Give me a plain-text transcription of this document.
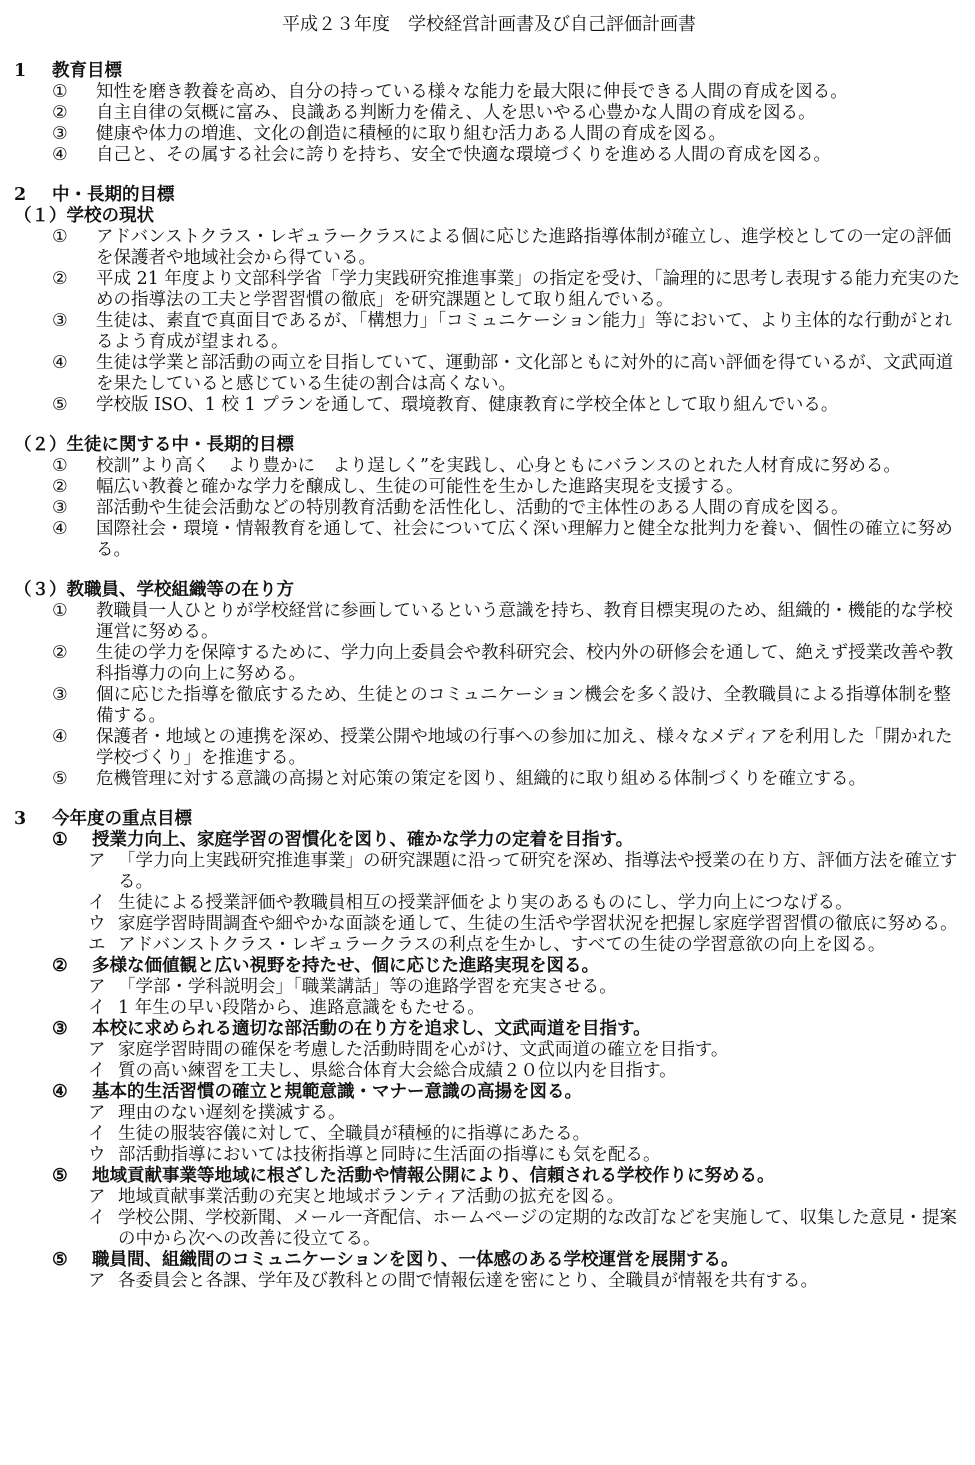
平成２３年度　学校経営計画書及び自己評価計画書
1 教育目標
①	知性を磨き教養を高め、自分の持っている様々な能力を最大限に伸長できる人間の育成を図る。
②	自主自律の気概に富み、良識ある判断力を備え、人を思いやる心豊かな人間の育成を図る。
③	健康や体力の増進、文化の創造に積極的に取り組む活力ある人間の育成を図る。
④	自己と、その属する社会に誇りを持ち、安全で快適な環境づくりを進める人間の育成を図る。
2 中・長期的目標
（１）学校の現状
①	アドバンストクラス・レギュラークラスによる個に応じた進路指導体制が確立し、進学校としての一定の評価を保護者や地域社会から得ている。
②	平成 21 年度より文部科学省「学力実践研究推進事業」の指定を受け、「論理的に思考し表現する能力充実のための指導法の工夫と学習習慣の徹底」を研究課題として取り組んでいる。
③	生徒は、素直で真面目であるが、「構想力」「コミュニケーション能力」等において、より主体的な行動がとれるよう育成が望まれる。
④	生徒は学業と部活動の両立を目指していて、運動部・文化部ともに対外的に高い評価を得ているが、文武両道を果たしていると感じている生徒の割合は高くない。
⑤	学校版 ISO、1 校 1 プランを通して、環境教育、健康教育に学校全体として取り組んでいる。
（２）生徒に関する中・長期的目標
①	校訓”より高く　より豊かに　より逞しく”を実践し、心身ともにバランスのとれた人材育成に努める。
②	幅広い教養と確かな学力を醸成し、生徒の可能性を生かした進路実現を支援する。
③	部活動や生徒会活動などの特別教育活動を活性化し、活動的で主体性のある人間の育成を図る。
④	国際社会・環境・情報教育を通して、社会について広く深い理解力と健全な批判力を養い、個性の確立に努める。
（３）教職員、学校組織等の在り方
①	教職員一人ひとりが学校経営に参画しているという意識を持ち、教育目標実現のため、組織的・機能的な学校運営に努める。
②	生徒の学力を保障するために、学力向上委員会や教科研究会、校内外の研修会を通して、絶えず授業改善や教科指導力の向上に努める。
③	個に応じた指導を徹底するため、生徒とのコミュニケーション機会を多く設け、全教職員による指導体制を整備する。
④	保護者・地域との連携を深め、授業公開や地域の行事への参加に加え、様々なメディアを利用した「開かれた学校づくり」を推進する。
⑤	危機管理に対する意識の高揚と対応策の策定を図り、組織的に取り組める体制づくりを確立する。
3 今年度の重点目標
①	授業力向上、家庭学習の習慣化を図り、確かな学力の定着を目指す。
ア 「学力向上実践研究推進事業」の研究課題に沿って研究を深め、指導法や授業の在り方、評価方法を確立する。
イ 生徒による授業評価や教職員相互の授業評価をより実のあるものにし、学力向上につなげる。
ウ 家庭学習時間調査や細やかな面談を通して、生徒の生活や学習状況を把握し家庭学習習慣の徹底に努める。
エ アドバンストクラス・レギュラークラスの利点を生かし、すべての生徒の学習意欲の向上を図る。
②	多様な価値観と広い視野を持たせ、個に応じた進路実現を図る。
ア 「学部・学科説明会」「職業講話」等の進路学習を充実させる。
イ 1 年生の早い段階から、進路意識をもたせる。
③	本校に求められる適切な部活動の在り方を追求し、文武両道を目指す。
ア 家庭学習時間の確保を考慮した活動時間を心がけ、文武両道の確立を目指す。
イ 質の高い練習を工夫し、県総合体育大会総合成績２０位以内を目指す。
④	基本的生活習慣の確立と規範意識・マナー意識の高揚を図る。
ア 理由のない遅刻を撲滅する。
イ 生徒の服装容儀に対して、全職員が積極的に指導にあたる。
ウ 部活動指導においては技術指導と同時に生活面の指導にも気を配る。
⑤	地域貢献事業等地域に根ざした活動や情報公開により、信頼される学校作りに努める。
ア 地域貢献事業活動の充実と地域ボランティア活動の拡充を図る。
イ 学校公開、学校新聞、メール一斉配信、ホームページの定期的な改訂などを実施して、収集した意見・提案の中から次への改善に役立てる。
⑤	職員間、組織間のコミュニケーションを図り、一体感のある学校運営を展開する。
ア 各委員会と各課、学年及び教科との間で情報伝達を密にとり、全職員が情報を共有する。
